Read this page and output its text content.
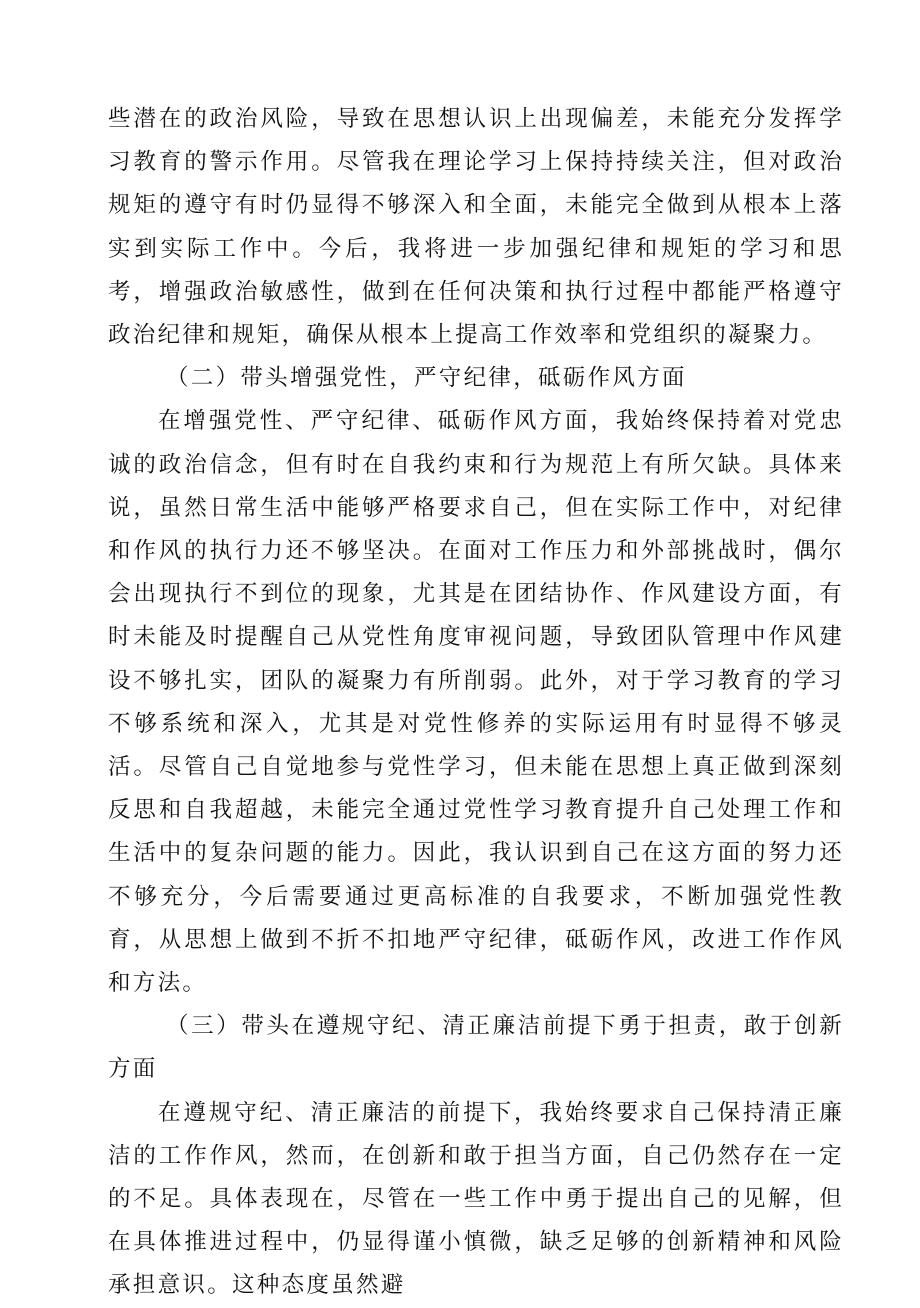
些潜在的政治风险，导致在思想认识上出现偏差，未能充分发挥学习教育的警示作用。尽管我在理论学习上保持持续关注，但对政治规矩的遵守有时仍显得不够深入和全面，未能完全做到从根本上落实到实际工作中。今后，我将进一步加强纪律和规矩的学习和思考，增强政治敏感性，做到在任何决策和执行过程中都能严格遵守政治纪律和规矩，确保从根本上提高工作效率和党组织的凝聚力。

（二）带头增强党性，严守纪律，砥砺作风方面

在增强党性、严守纪律、砥砺作风方面，我始终保持着对党忠诚的政治信念，但有时在自我约束和行为规范上有所欠缺。具体来说，虽然日常生活中能够严格要求自己，但在实际工作中，对纪律和作风的执行力还不够坚决。在面对工作压力和外部挑战时，偶尔会出现执行不到位的现象，尤其是在团结协作、作风建设方面，有时未能及时提醒自己从党性角度审视问题，导致团队管理中作风建设不够扎实，团队的凝聚力有所削弱。此外，对于学习教育的学习不够系统和深入，尤其是对党性修养的实际运用有时显得不够灵活。尽管自己自觉地参与党性学习，但未能在思想上真正做到深刻反思和自我超越，未能完全通过党性学习教育提升自己处理工作和生活中的复杂问题的能力。因此，我认识到自己在这方面的努力还不够充分，今后需要通过更高标准的自我要求，不断加强党性教育，从思想上做到不折不扣地严守纪律，砥砺作风，改进工作作风和方法。

（三）带头在遵规守纪、清正廉洁前提下勇于担责，敢于创新方面

在遵规守纪、清正廉洁的前提下，我始终要求自己保持清正廉洁的工作作风，然而，在创新和敢于担当方面，自己仍然存在一定的不足。具体表现在，尽管在一些工作中勇于提出自己的见解，但在具体推进过程中，仍显得谨小慎微，缺乏足够的创新精神和风险承担意识。这种态度虽然避
